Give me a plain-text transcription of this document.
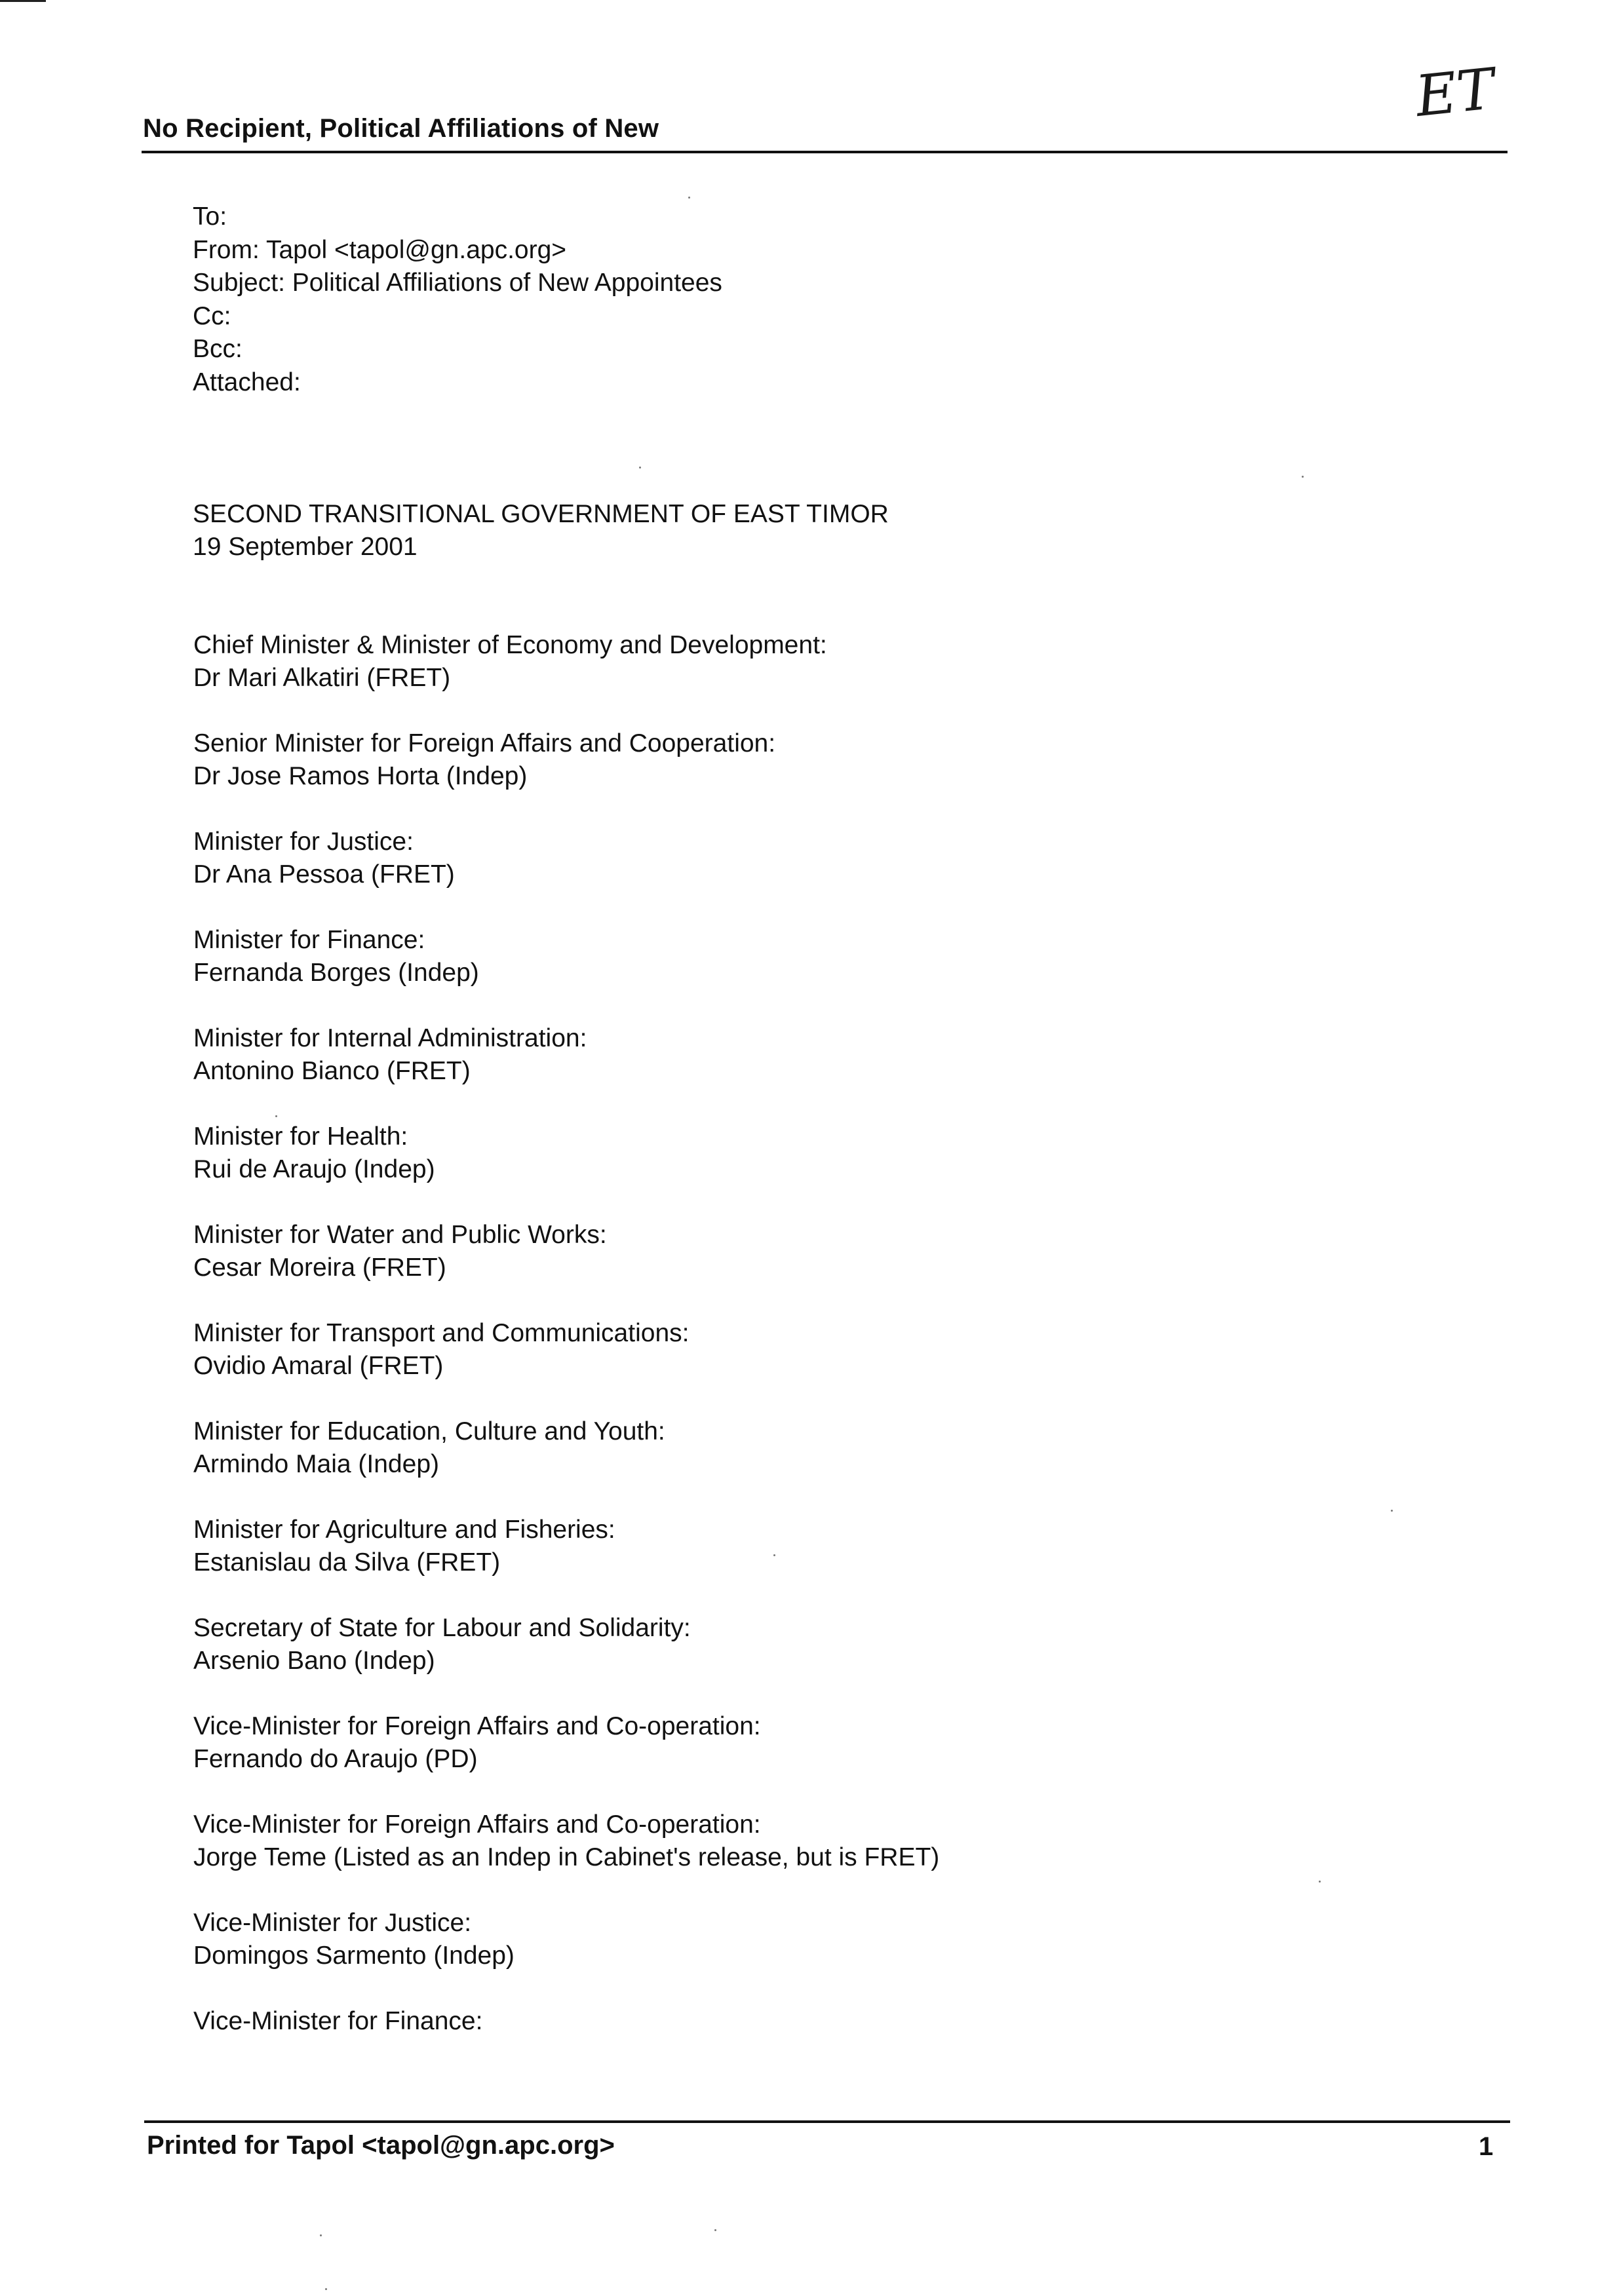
No Recipient, Political Affiliations of New	ET
To:
From: Tapol <tapol@gn.apc.org>
Subject: Political Affiliations of New Appointees
Cc:
Bcc:
Attached:
SECOND TRANSITIONAL GOVERNMENT OF EAST TIMOR
19 September 2001
Chief Minister & Minister of Economy and Development:
Dr Mari Alkatiri (FRET)
Senior Minister for Foreign Affairs and Cooperation:
Dr Jose Ramos Horta (Indep)
Minister for Justice:
Dr Ana Pessoa (FRET)
Minister for Finance:
Fernanda Borges (Indep)
Minister for Internal Administration:
Antonino Bianco (FRET)
Minister for Health:
Rui de Araujo (Indep)
Minister for Water and Public Works:
Cesar Moreira (FRET)
Minister for Transport and Communications:
Ovidio Amaral (FRET)
Minister for Education, Culture and Youth:
Armindo Maia (Indep)
Minister for Agriculture and Fisheries:
Estanislau da Silva (FRET)
Secretary of State for Labour and Solidarity:
Arsenio Bano (Indep)
Vice-Minister for Foreign Affairs and Co-operation:
Fernando do Araujo (PD)
Vice-Minister for Foreign Affairs and Co-operation:
Jorge Teme (Listed as an Indep in Cabinet's release, but is FRET)
Vice-Minister for Justice:
Domingos Sarmento (Indep)
Vice-Minister for Finance:
Printed for Tapol <tapol@gn.apc.org>	1
